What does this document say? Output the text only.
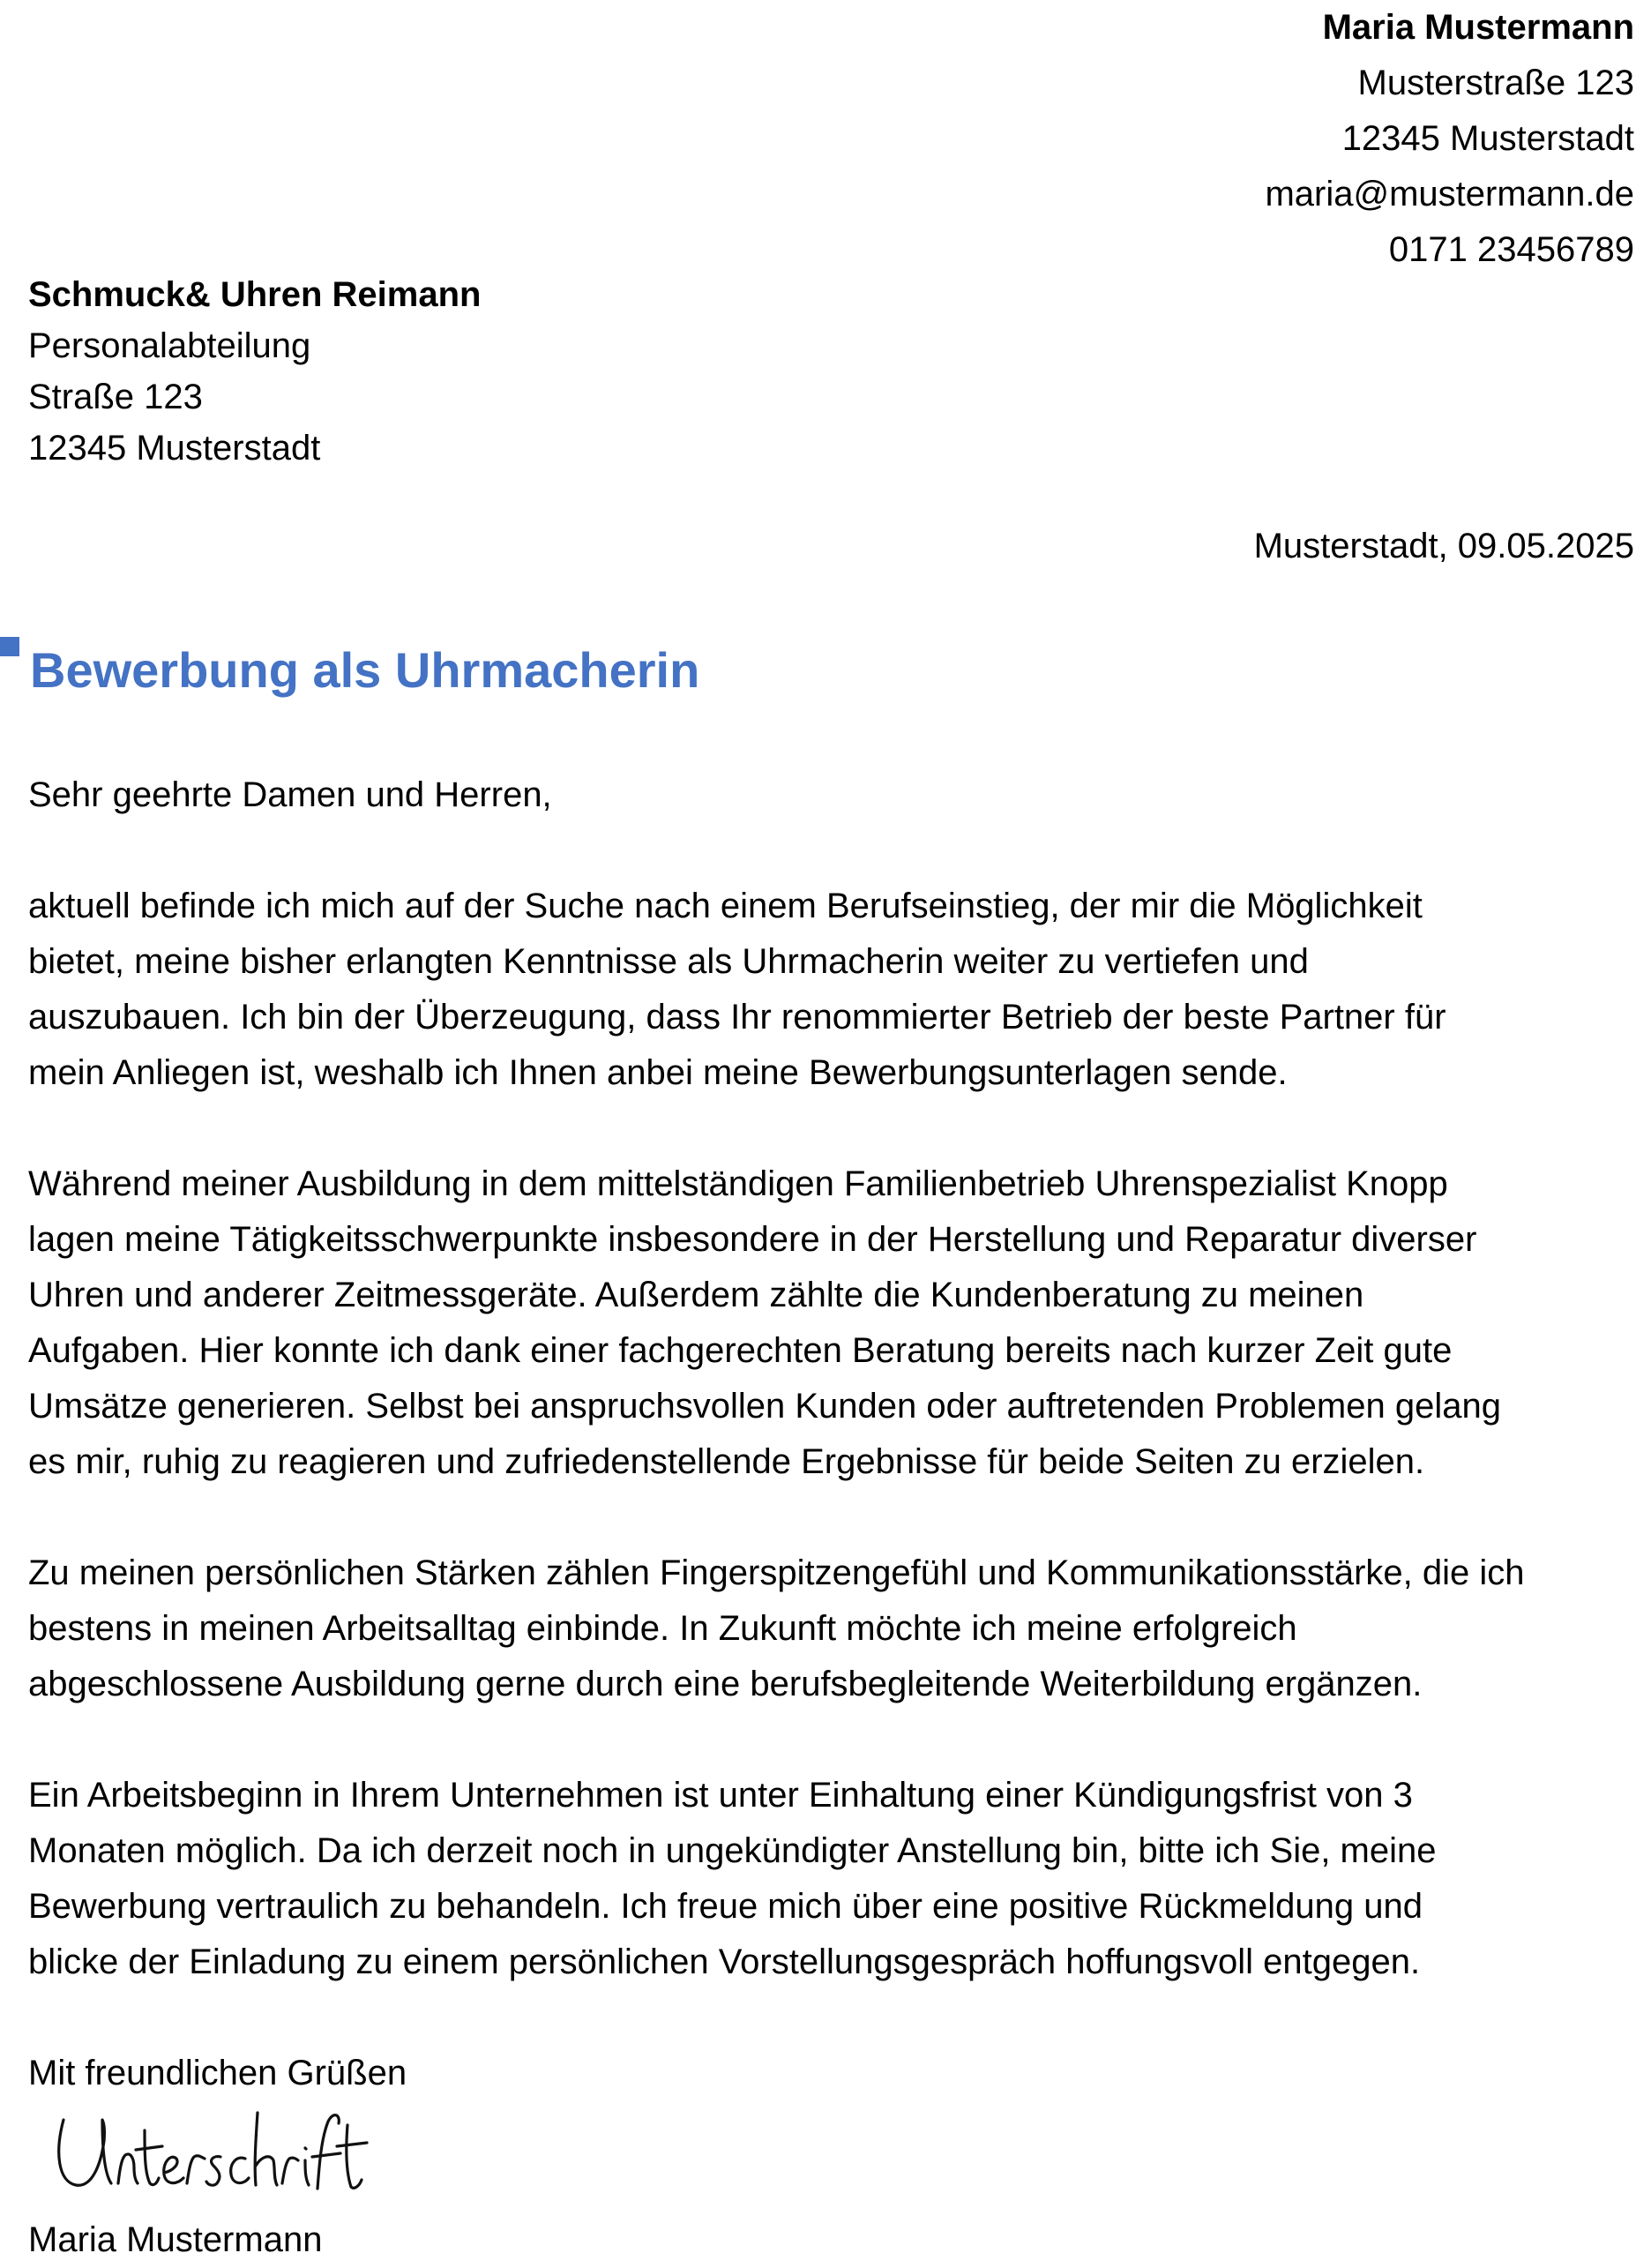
Maria Mustermann
Musterstraße 123
12345 Musterstadt
maria@mustermann.de
0171 23456789
Schmuck& Uhren Reimann
Personalabteilung
Straße 123
12345 Musterstadt
Musterstadt, 09.05.2025
Bewerbung als Uhrmacherin
Sehr geehrte Damen und Herren,
aktuell befinde ich mich auf der Suche nach einem Berufseinstieg, der mir die Möglichkeit
bietet, meine bisher erlangten Kenntnisse als Uhrmacherin weiter zu vertiefen und
auszubauen. Ich bin der Überzeugung, dass Ihr renommierter Betrieb der beste Partner für
mein Anliegen ist, weshalb ich Ihnen anbei meine Bewerbungsunterlagen sende.
Während meiner Ausbildung in dem mittelständigen Familienbetrieb Uhrenspezialist Knopp
lagen meine Tätigkeitsschwerpunkte insbesondere in der Herstellung und Reparatur diverser
Uhren und anderer Zeitmessgeräte. Außerdem zählte die Kundenberatung zu meinen
Aufgaben. Hier konnte ich dank einer fachgerechten Beratung bereits nach kurzer Zeit gute
Umsätze generieren. Selbst bei anspruchsvollen Kunden oder auftretenden Problemen gelang
es mir, ruhig zu reagieren und zufriedenstellende Ergebnisse für beide Seiten zu erzielen.
Zu meinen persönlichen Stärken zählen Fingerspitzengefühl und Kommunikationsstärke, die ich
bestens in meinen Arbeitsalltag einbinde. In Zukunft möchte ich meine erfolgreich
abgeschlossene Ausbildung gerne durch eine berufsbegleitende Weiterbildung ergänzen.
Ein Arbeitsbeginn in Ihrem Unternehmen ist unter Einhaltung einer Kündigungsfrist von 3
Monaten möglich. Da ich derzeit noch in ungekündigter Anstellung bin, bitte ich Sie, meine
Bewerbung vertraulich zu behandeln. Ich freue mich über eine positive Rückmeldung und
blicke der Einladung zu einem persönlichen Vorstellungsgespräch hoffungsvoll entgegen.
Mit freundlichen Grüßen
Maria Mustermann
